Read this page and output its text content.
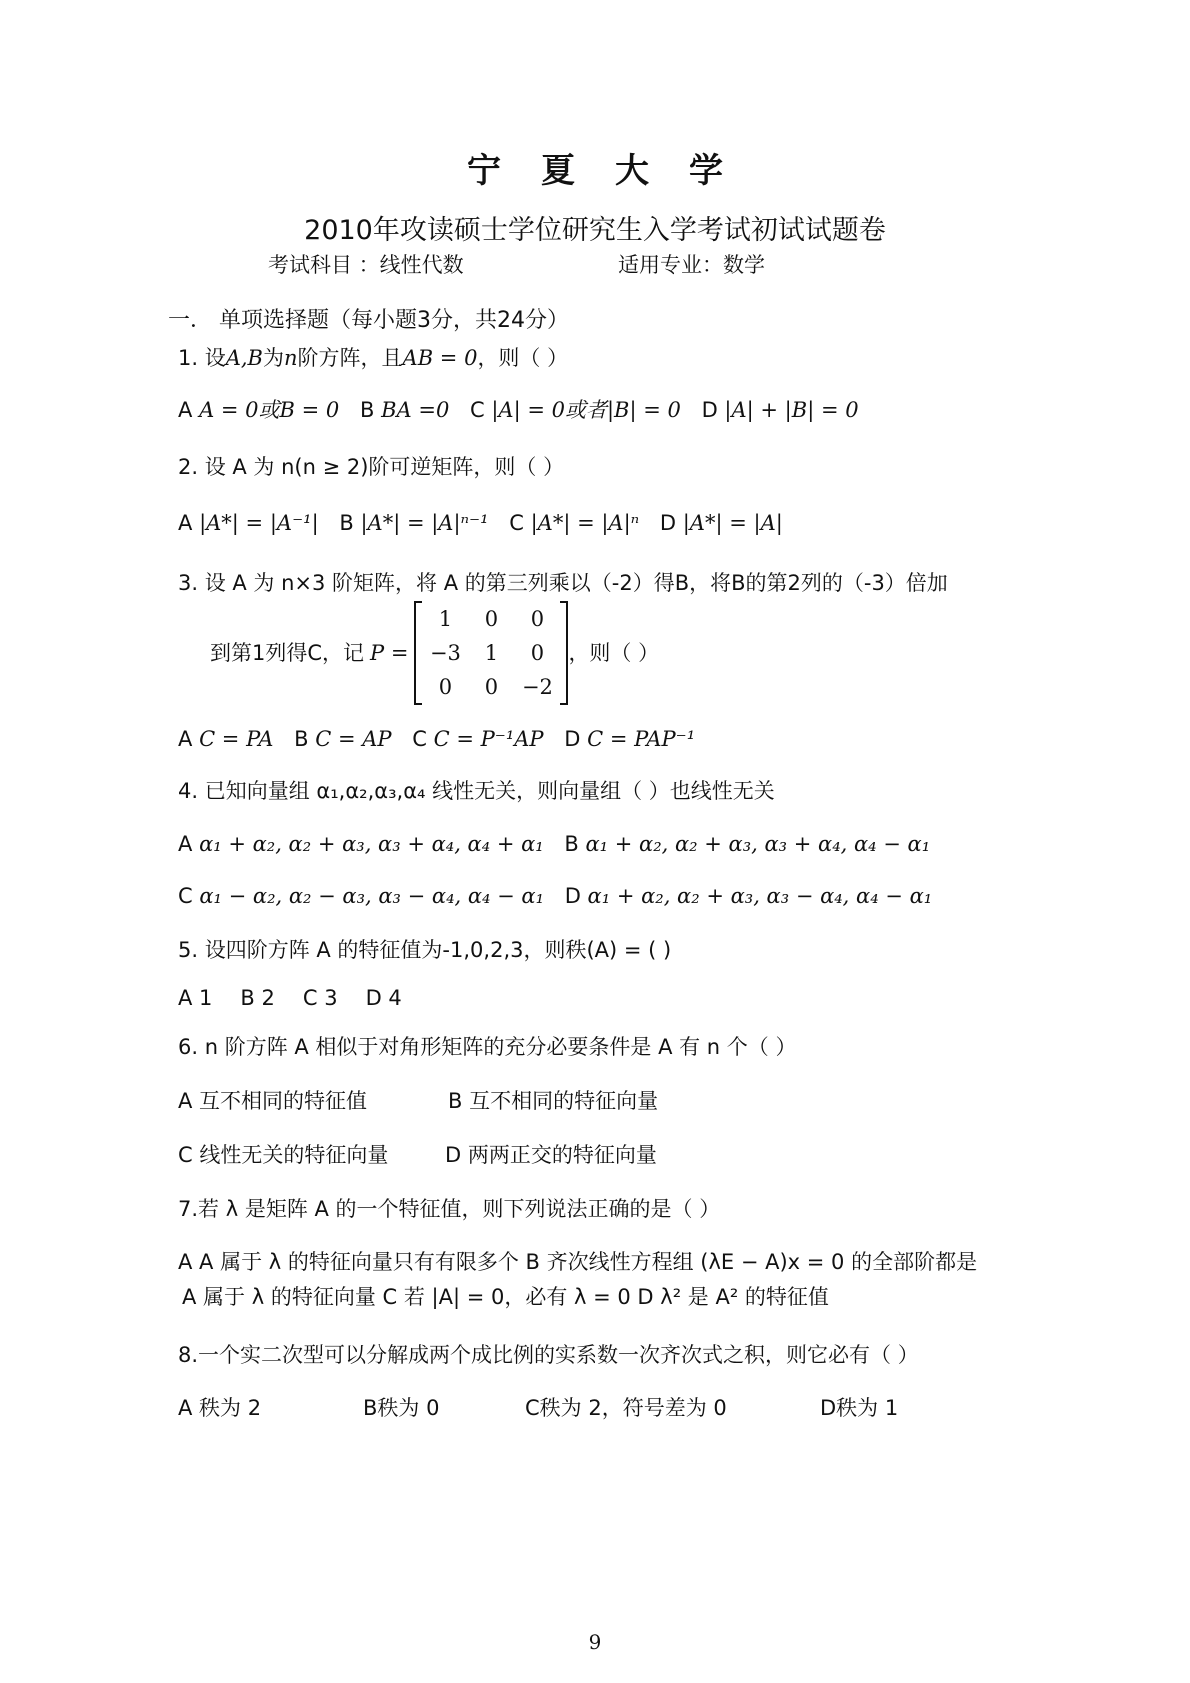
宁夏大学
2010年攻读硕士学位研究生入学考试初试试题卷
考试科目 ：线性代数	适用专业：数学
一． 单项选择题（每小题3分，共24分）
1. 设A,B为n阶方阵，且AB = 0，则（ ）
A A = 0或B = 0 B BA =0 C |A| = 0或者|B| = 0 D |A| + |B| = 0
2. 设 A 为 n(n ≥ 2)阶可逆矩阵，则（ ）
A |A*| = |A⁻¹| B |A*| = |A|ⁿ⁻¹ C |A*| = |A|ⁿ D |A*| = |A|
3. 设 A 为 n×3 阶矩阵，将 A 的第三列乘以（-2）得B，将B的第2列的（-3）倍加
到第1列得C，记 P =
1	0	0
−3	1	0
0	0	−2
，则（ ）
A C = PA B C = AP C C = P⁻¹AP D C = PAP⁻¹
4. 已知向量组 α₁,α₂,α₃,α₄ 线性无关，则向量组（ ）也线性无关
A α₁ + α₂, α₂ + α₃, α₃ + α₄, α₄ + α₁ B α₁ + α₂, α₂ + α₃, α₃ + α₄, α₄ − α₁
C α₁ − α₂, α₂ − α₃, α₃ − α₄, α₄ − α₁ D α₁ + α₂, α₂ + α₃, α₃ − α₄, α₄ − α₁
5. 设四阶方阵 A 的特征值为-1,0,2,3，则秩(A) = ( )
A 1 B 2 C 3 D 4
6. n 阶方阵 A 相似于对角形矩阵的充分必要条件是 A 有 n 个（ ）
A 互不相同的特征值	B 互不相同的特征向量
C 线性无关的特征向量	D 两两正交的特征向量
7.若 λ 是矩阵 A 的一个特征值，则下列说法正确的是（ ）
A A 属于 λ 的特征向量只有有限多个 B 齐次线性方程组 (λE − A)x = 0 的全部阶都是
A 属于 λ 的特征向量 C 若 |A| = 0，必有 λ = 0 D λ² 是 A² 的特征值
8.一个实二次型可以分解成两个成比例的实系数一次齐次式之积，则它必有（ ）
A 秩为 2	B秩为 0	C秩为 2，符号差为 0	D秩为 1
9
